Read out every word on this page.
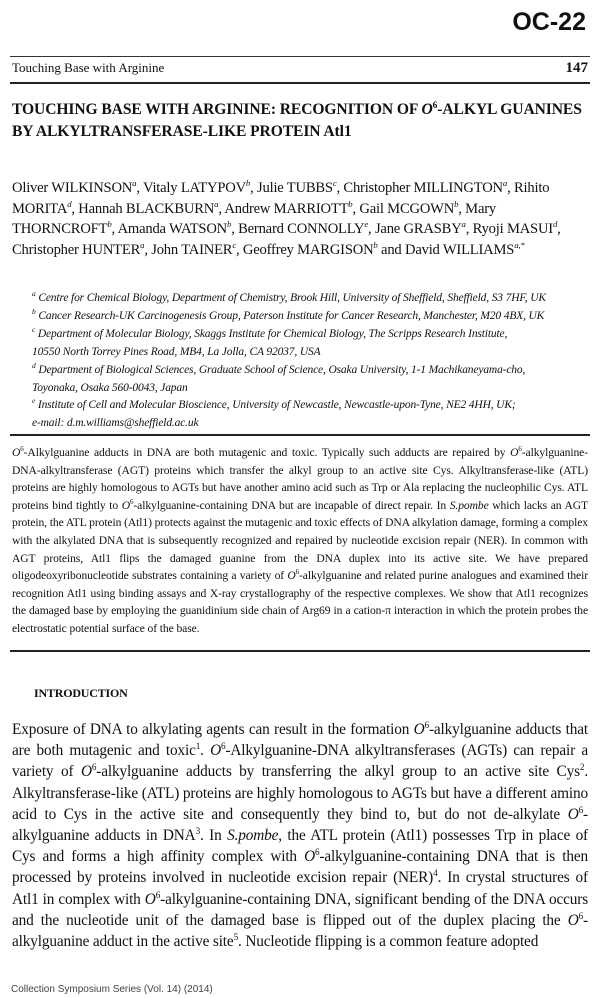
OC-22
Touching Base with Arginine	147
TOUCHING BASE WITH ARGININE: RECOGNITION OF $O^6$-ALKYL GUANINES
BY ALKYLTRANSFERASE-LIKE PROTEIN Atl1
Oliver WILKINSON$^a$, Vitaly LATYPOV$^b$, Julie TUBBS$^c$, Christopher MILLINGTON$^a$, Rihito MORITA$^d$, Hannah BLACKBURN$^a$, Andrew MARRIOTT$^b$, Gail MCGOWN$^b$, Mary THORNCROFT$^b$, Amanda WATSON$^b$, Bernard CONNOLLY$^e$, Jane GRASBY$^a$, Ryoji MASUI$^d$, Christopher HUNTER$^a$, John TAINER$^c$, Geoffrey MARGISON$^b$ and David $WILLIAMS^{a,*}$
$^a$ Centre for Chemical Biology, Department of Chemistry, Brook Hill, University of Sheffield, Sheffield, S3 7HF, UK
$^b$ Cancer Research-UK Carcinogenesis Group, Paterson Institute for Cancer Research, Manchester, M20 4BX, UK
$^c$ Department of Molecular Biology, Skaggs Institute for Chemical Biology, The Scripps Research Institute,
10550 North Torrey Pines Road, MB4, La Jolla, CA 92037, USA
$^d$ Department of Biological Sciences, Graduate School of Science, Osaka University, 1-1 Machikaneyama-cho,
Toyonaka, Osaka 560-0043, Japan
$^e$ Institute of Cell and Molecular Bioscience, University of Newcastle, Newcastle-upon-Tyne, NE2 4HH, UK;
e-mail: d.m.williams@sheffield.ac.uk
$O^6$-Alkylguanine adducts in DNA are both mutagenic and toxic. Typically such adducts are repaired by $O^6-alkylguanine-DNA$-alkyltransferase (AGT) proteins which transfer the alkyl group to an active site Cys. Alkyltransferase-like (ATL) proteins are highly homologous to AGTs but have another amino acid such as Trp or Ala replacing the nucleophilic Cys. ATL proteins bind tightly to $O^6-alkylguanine$-containing DNA but are incapable of direct repair. In S.pombe which lacks an AGT protein, the ATL protein (Atl1) protects against the mutagenic and toxic effects of DNA alkylation damage, forming a complex with the alkylated DNA that is subsequently recognized and repaired by nucleotide excision repair (NER). In common with AGT proteins, Atl1 flips the damaged guanine from the DNA duplex into its active site. We have prepared oligodeoxyribonucleotide substrates containing a variety of $O^6$-alkylguanine and related purine analogues and examined their recognition Atl1 using binding assays and X-ray crystallography of the respective complexes. We show that Atl1 recognizes the damaged base by employing the guanidinium side chain of Arg69 in a cation-π interaction in which the protein probes the electrostatic potential surface of the base.
INTRODUCTION
Exposure of DNA to alkylating agents can result in the formation $O^6$-alkylguanine adducts that are both mutagenic and toxic$^1$. $O^6-Alkylguanine$-DNA alkyltransferases (AGTs) can repair a variety of $O^6$-alkylguanine adducts by transferring the alkyl group to an active site Cys$^2$. Alkyltransferase-like (ATL) proteins are highly homologous to AGTs but have a different amino acid to Cys in the active site and consequently they bind to, but do not de-alkylate $O^6$-alkylguanine adducts in DNA$^3$. In S.pombe, the ATL protein (Atl1) possesses Trp in place of Cys and forms a high affinity complex with $O^6-alkylguanine$-containing DNA that is then processed by proteins involved in nucleotide excision repair (NER)$^4$. In crystal structures of Atl1 in complex with $O^6-alkylguanine$-containing DNA, significant bending of the DNA occurs and the nucleotide unit of the damaged base is flipped out of the duplex placing the $O^6$-alkylguanine adduct in the active site$^5$. Nucleotide flipping is a common feature adopted
Collection Symposium Series (Vol. 14) (2014)
